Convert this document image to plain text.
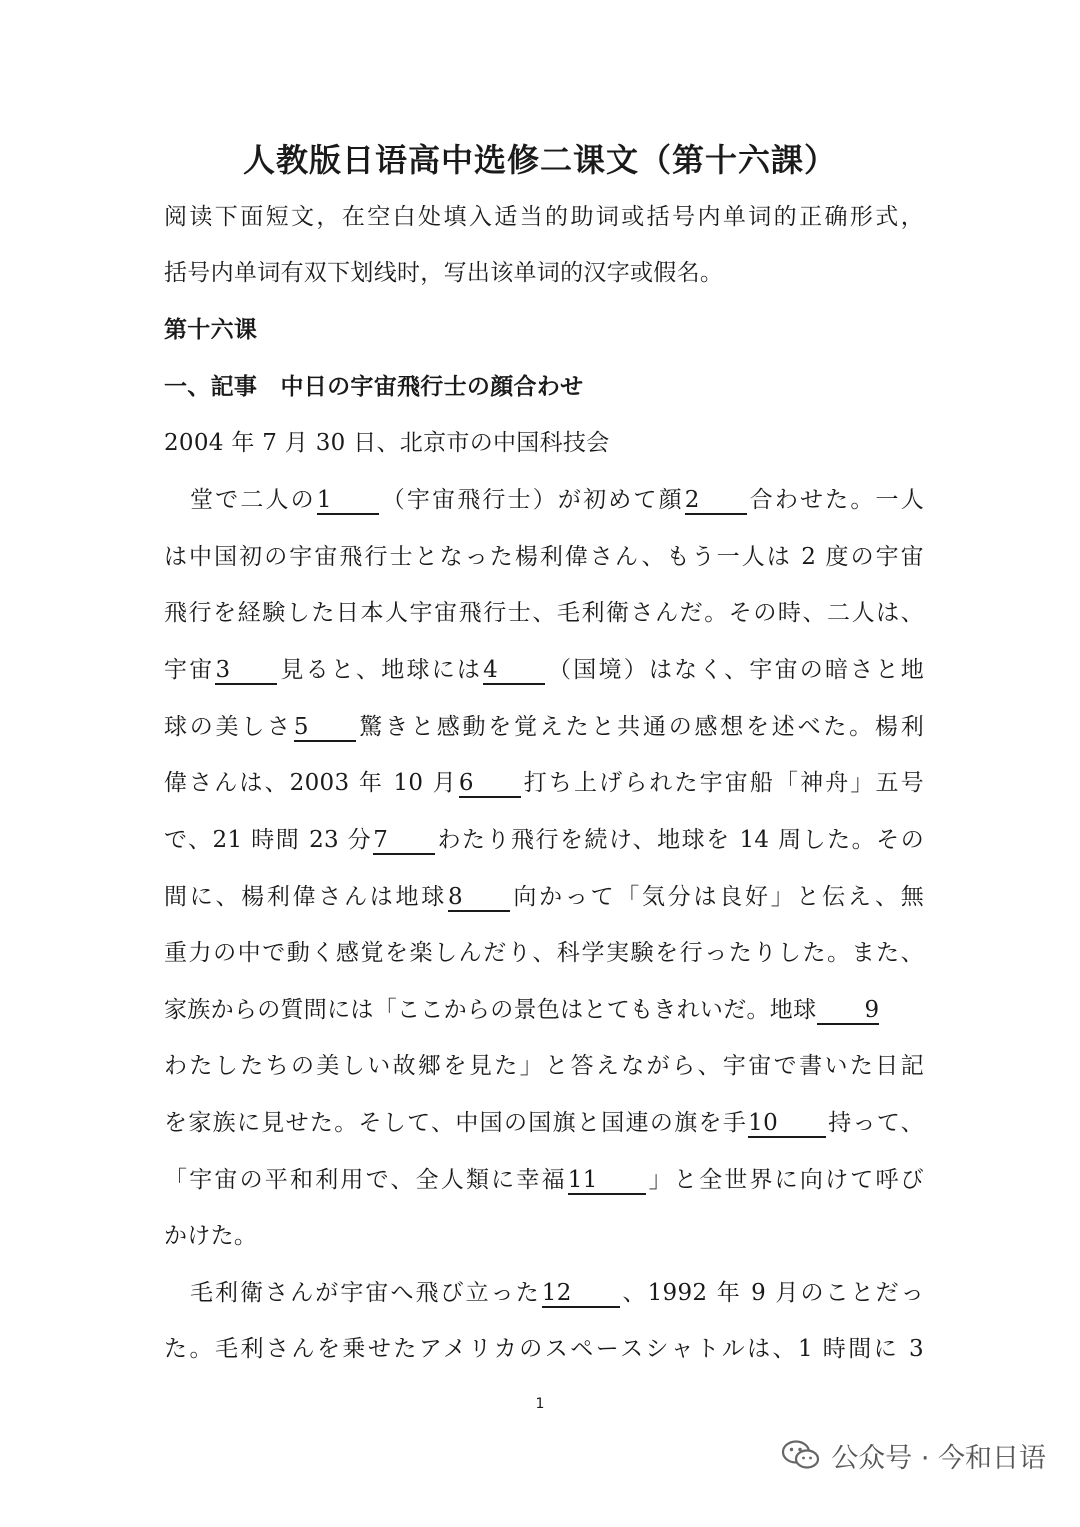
人教版日语高中选修二课文（第十六課）
阅读下面短文，在空白处填入适当的助词或括号内单词的正确形式，
括号内单词有双下划线时，写出该单词的汉字或假名。
第十六课
一、記事　中日の宇宙飛行士の顔合わせ
2004 年 7 月 30 日、北京市の中国科技会
堂で二人の1 （宇宙飛行士）が初めて顔2 合わせた。一人
は中国初の宇宙飛行士となった楊利偉さん、もう一人は 2 度の宇宙
飛行を経験した日本人宇宙飛行士、毛利衛さんだ。その時、二人は、
宇宙3 見ると、地球には4 （国境）はなく、宇宙の暗さと地
球の美しさ5 驚きと感動を覚えたと共通の感想を述べた。楊利
偉さんは、2003 年 10 月6 打ち上げられた宇宙船「神舟」五号
で、21 時間 23 分7 わたり飛行を続け、地球を 14 周した。その
間に、楊利偉さんは地球8 向かって「気分は良好」と伝え、無
重力の中で動く感覚を楽しんだり、科学実験を行ったりした。また、
家族からの質問には「ここからの景色はとてもきれいだ。地球 9
わたしたちの美しい故郷を見た」と答えながら、宇宙で書いた日記
を家族に見せた。そして、中国の国旗と国連の旗を手10 持って、
「宇宙の平和利用で、全人類に幸福11 」と全世界に向けて呼び
かけた。
毛利衛さんが宇宙へ飛び立った12 、1992 年 9 月のことだっ
た。毛利さんを乗せたアメリカのスペースシャトルは、1 時間に 3
1
公众号 · 今和日语
